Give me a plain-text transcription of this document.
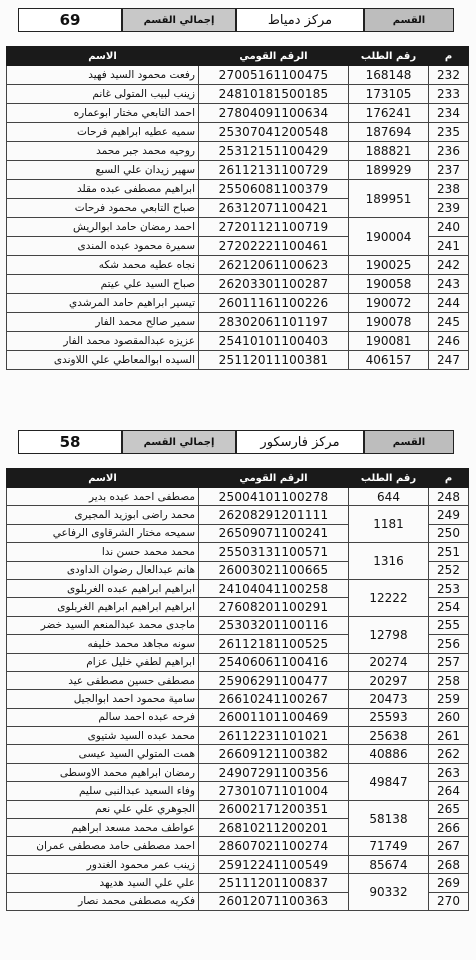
69	إجمالي القسم	مركز دمياط	القسم
الاسم	الرقم القومي	رقم الطلب	م
رفعت محمود السيد فهيد	27005161100475	168148	232
زينب لبيب المتولى غانم	24810181500185	173105	233
احمد التابعي مختار ابوعماره	27804091100634	176241	234
سميه عطيه ابراهيم فرحات	25307041200548	187694	235
روحيه محمد جبر محمد	25312151100429	188821	236
سهير زيدان علي السبع	26112131100729	189929	237
ابراهيم مصطفى عبده مقلد	25506081100379	189951	238
صباح التابعي محمود فرحات	26312071100421		239
احمد رمضان حامد ابوالريش	27201121100719	190004	240
سميرة محمود عبده المندى	27202221100461		241
نجاه عطيه محمد شكه	26212061100623	190025	242
صباح السيد علي عيتم	26203301100287	190058	243
تيسير ابراهيم حامد المرشدي	26011161100226	190072	244
سمير صالح محمد الفار	28302061101197	190078	245
عزيزه عبدالمقصود محمد الفار	25410101100403	190081	246
السيده ابوالمعاطي علي اللاوندى	25112011100381	406157	247
58	إجمالي القسم	مركز فارسكور	القسم
الاسم	الرقم القومي	رقم الطلب	م
مصطفى احمد عبده بدير	25004101100278	644	248
محمد راضى ابوزيد المجيرى	26208291201111	1181	249
سميحه مختار الشرقاوى الرفاعي	26509071100241		250
محمد محمد حسن ندا	25503131100571	1316	251
هانم عبدالعال رضوان الداودى	26003021100665		252
ابراهيم ابراهيم عبده الغربلوى	24104041100258	12222	253
ابراهيم ابراهيم ابراهيم الغربلوى	27608201100291		254
ماجدى محمد عبدالمنعم السيد خضر	25303201100116	12798	255
سونه مجاهد محمد خليفه	26112181100525		256
ابراهيم لطفي خليل عزام	25406061100416	20274	257
مصطفى حسين مصطفى عيد	25906291100477	20297	258
سامية محمود احمد ابوالجيل	26610241100267	20473	259
فرحه عبده احمد سالم	26001101100469	25593	260
محمد عبده السيد شتيوى	26112231101021	25638	261
همت المتولي السيد عيسى	26609121100382	40886	262
رمضان ابراهيم محمد الاوسطى	24907291100356	49847	263
وفاء السعيد عبدالنبى سليم	27301071101004		264
الجوهري علي علي نعم	26002171200351	58138	265
عواطف محمد مسعد ابراهيم	26810211200201		266
احمد مصطفى حامد مصطفى عمران	28607021100274	71749	267
زينب عمر محمود الغندور	25912241100549	85674	268
علي علي السيد هديهد	25111201100837	90332	269
فكريه مصطفى محمد نصار	26012071100363		270
